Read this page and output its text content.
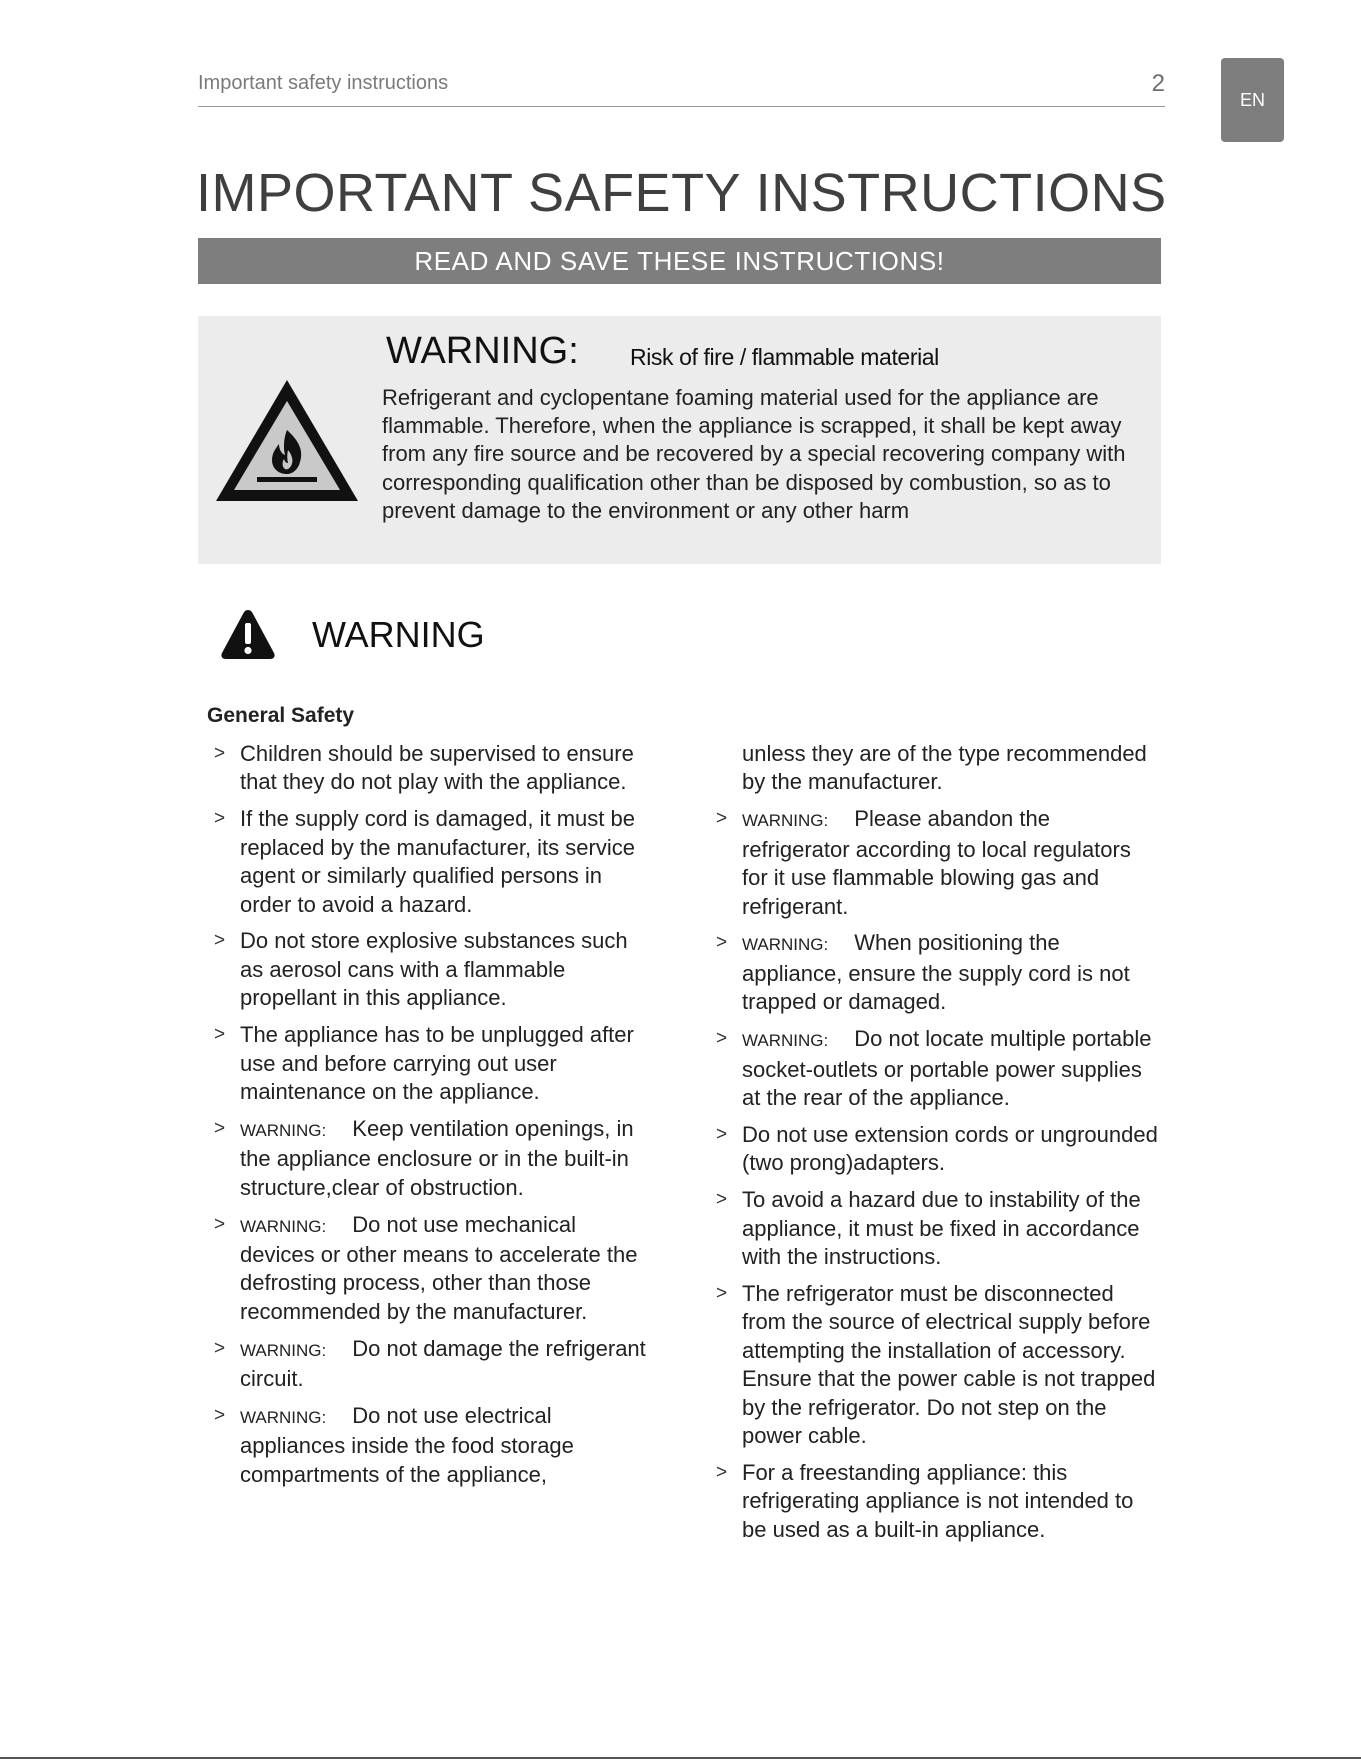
Important safety instructions	2
EN
IMPORTANT SAFETY INSTRUCTIONS
READ AND SAVE THESE INSTRUCTIONS!
WARNING: Risk of fire / flammable material

Refrigerant and cyclopentane foaming material used for the appliance are flammable. Therefore, when the appliance is scrapped, it shall be kept away from any fire source and be recovered by a special recovering company with corresponding qualification other than be disposed by combustion, so as to prevent damage to the environment or any other harm

WARNING
General Safety
> Children should be supervised to ensure that they do not play with the appliance.
> If the supply cord is damaged, it must be replaced by the manufacturer, its service agent or similarly qualified persons in order to avoid a hazard.
> Do not store explosive substances such as aerosol cans with a flammable propellant in this appliance.
> The appliance has to be unplugged after use and before carrying out user maintenance on the appliance.
> WARNING: Keep ventilation openings, in the appliance enclosure or in the built-in structure,clear of obstruction.
> WARNING: Do not use mechanical devices or other means to accelerate the defrosting process, other than those recommended by the manufacturer.
> WARNING: Do not damage the refrigerant circuit.
> WARNING: Do not use electrical appliances inside the food storage compartments of the appliance,
unless they are of the type recommended by the manufacturer.
> WARNING: Please abandon the refrigerator according to local regulators for it use flammable blowing gas and refrigerant.
> WARNING: When positioning the appliance, ensure the supply cord is not trapped or damaged.
> WARNING: Do not locate multiple portable socket-outlets or portable power supplies at the rear of the appliance.
> Do not use extension cords or ungrounded (two prong)adapters.
> To avoid a hazard due to instability of the appliance, it must be fixed in accordance with the instructions.
> The refrigerator must be disconnected from the source of electrical supply before attempting the installation of accessory. Ensure that the power cable is not trapped by the refrigerator. Do not step on the power cable.
> For a freestanding appliance: this refrigerating appliance is not intended to be used as a built-in appliance.
